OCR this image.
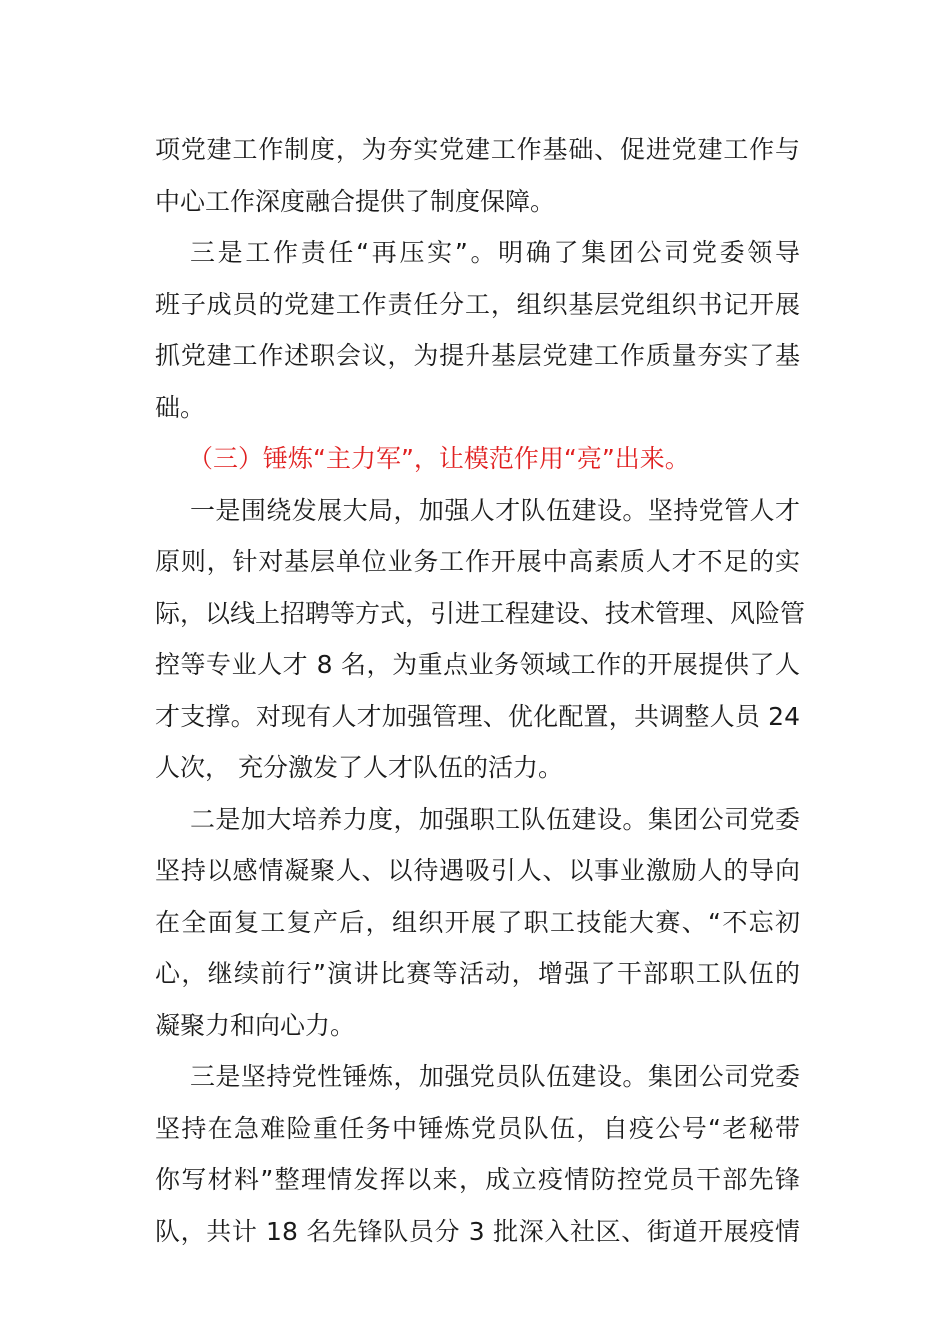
项党建工作制度，为夯实党建工作基础、促进党建工作与
中心工作深度融合提供了制度保障。
三是工作责任“再压实”。明确了集团公司党委领导
班子成员的党建工作责任分工，组织基层党组织书记开展
抓党建工作述职会议，为提升基层党建工作质量夯实了基
础。
（三）锤炼“主力军”，让模范作用“亮”出来。
一是围绕发展大局，加强人才队伍建设。坚持党管人才
原则，针对基层单位业务工作开展中高素质人才不足的实
际，以线上招聘等方式，引进工程建设、技术管理、风险管
控等专业人才 8 名，为重点业务领域工作的开展提供了人
才支撑。对现有人才加强管理、优化配置，共调整人员 24
人次， 充分激发了人才队伍的活力。
二是加大培养力度，加强职工队伍建设。集团公司党委
坚持以感情凝聚人、以待遇吸引人、以事业激励人的导向
在全面复工复产后，组织开展了职工技能大赛、“不忘初
心，继续前行”演讲比赛等活动，增强了干部职工队伍的
凝聚力和向心力。
三是坚持党性锤炼，加强党员队伍建设。集团公司党委
坚持在急难险重任务中锤炼党员队伍，自疫公号“老秘带
你写材料”整理情发挥以来，成立疫情防控党员干部先锋
队，共计 18 名先锋队员分 3 批深入社区、街道开展疫情
